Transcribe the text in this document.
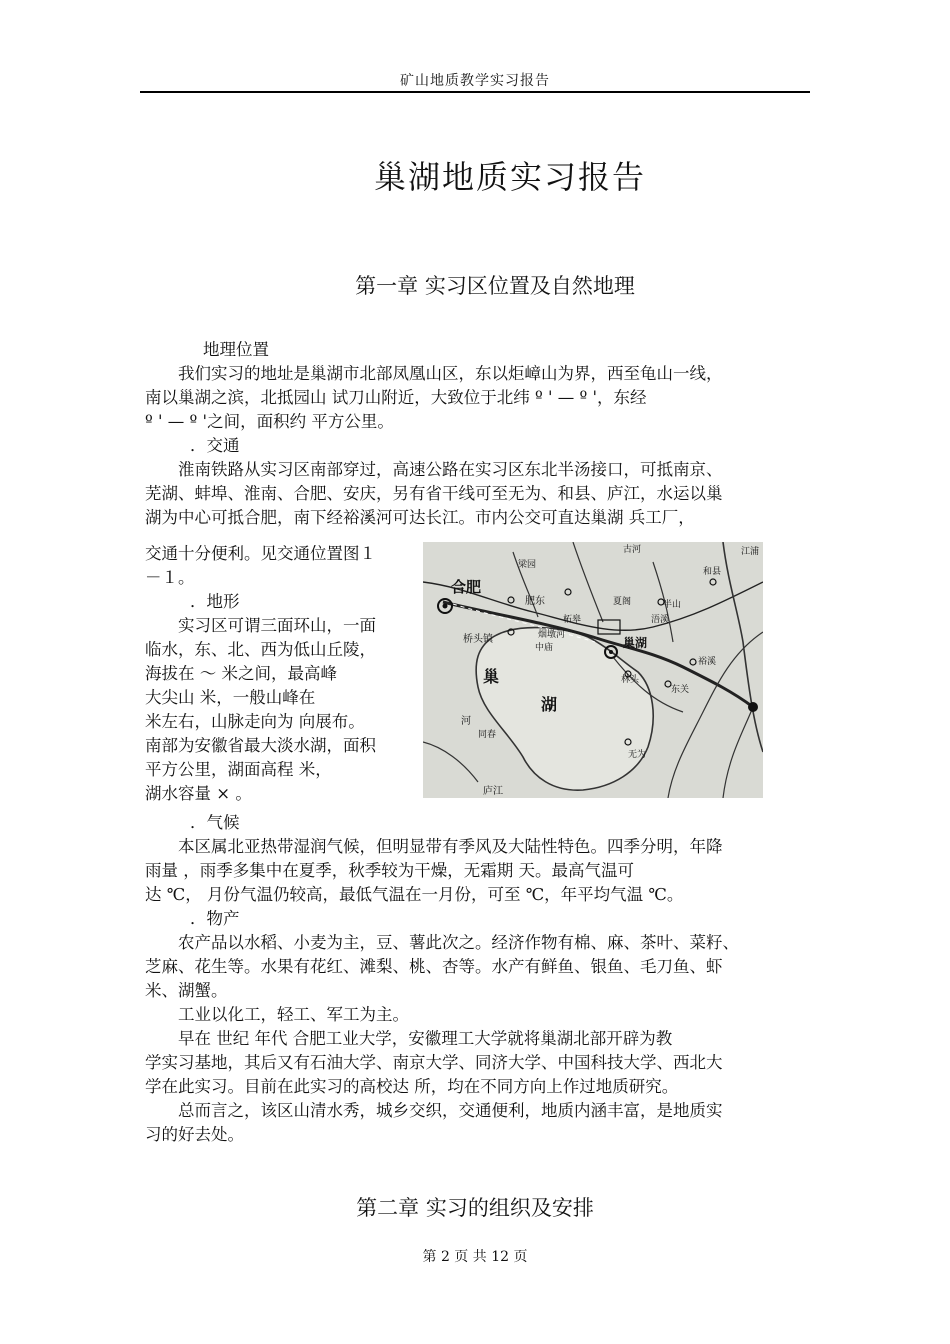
矿山地质教学实习报告
巢湖地质实习报告
第一章 实习区位置及自然地理

地理位置

我们实习的地址是巢湖市北部凤凰山区，东以炬嶂山为界，西至龟山一线，

南以巢湖之滨，北抵园山 试刀山附近，大致位于北纬 º ' — º '，东经

º ' — º '之间，面积约 平方公里。

．交通

淮南铁路从实习区南部穿过，高速公路在实习区东北半汤接口，可抵南京、

芜湖、蚌埠、淮南、合肥、安庆，另有省干线可至无为、和县、庐江，水运以巢

湖为中心可抵合肥，南下经裕溪河可达长江。市内公交可直达巢湖 兵工厂，

交通十分便利。见交通位置图１

－１。

．地形

实习区可谓三面环山，一面

临水，东、北、西为低山丘陵，

海拔在 ～ 米之间，最高峰

大尖山 米，一般山峰在

米左右，山脉走向为 向展布。

南部为安徽省最大淡水湖，面积

平方公里，湖面高程 米，

湖水容量 × 。

合肥
肥东
巢湖
巢
湖
桥头镇	烟墩河
中庙
林头
东关
同春
无为
庐江
河
古河
梁园
夏阁	半山
裕溪
和县
柘皋
江浦
浯溪

．气候

本区属北亚热带湿润气候，但明显带有季风及大陆性特色。四季分明，年降

雨量 ，雨季多集中在夏季，秋季较为干燥，无霜期 天。最高气温可

达 ℃， 月份气温仍较高，最低气温在一月份，可至 ℃，年平均气温 ℃。

．物产

农产品以水稻、小麦为主，豆、薯此次之。经济作物有棉、麻、茶叶、菜籽、

芝麻、花生等。水果有花红、滩梨、桃、杏等。水产有鲜鱼、银鱼、毛刀鱼、虾

米、湖蟹。

工业以化工，轻工、军工为主。

早在 世纪 年代 合肥工业大学，安徽理工大学就将巢湖北部开辟为教

学实习基地，其后又有石油大学、南京大学、同济大学、中国科技大学、西北大

学在此实习。目前在此实习的高校达 所，均在不同方向上作过地质研究。

总而言之，该区山清水秀，城乡交织，交通便利，地质内涵丰富，是地质实

习的好去处。

第二章 实习的组织及安排
第 2 页 共 12 页
